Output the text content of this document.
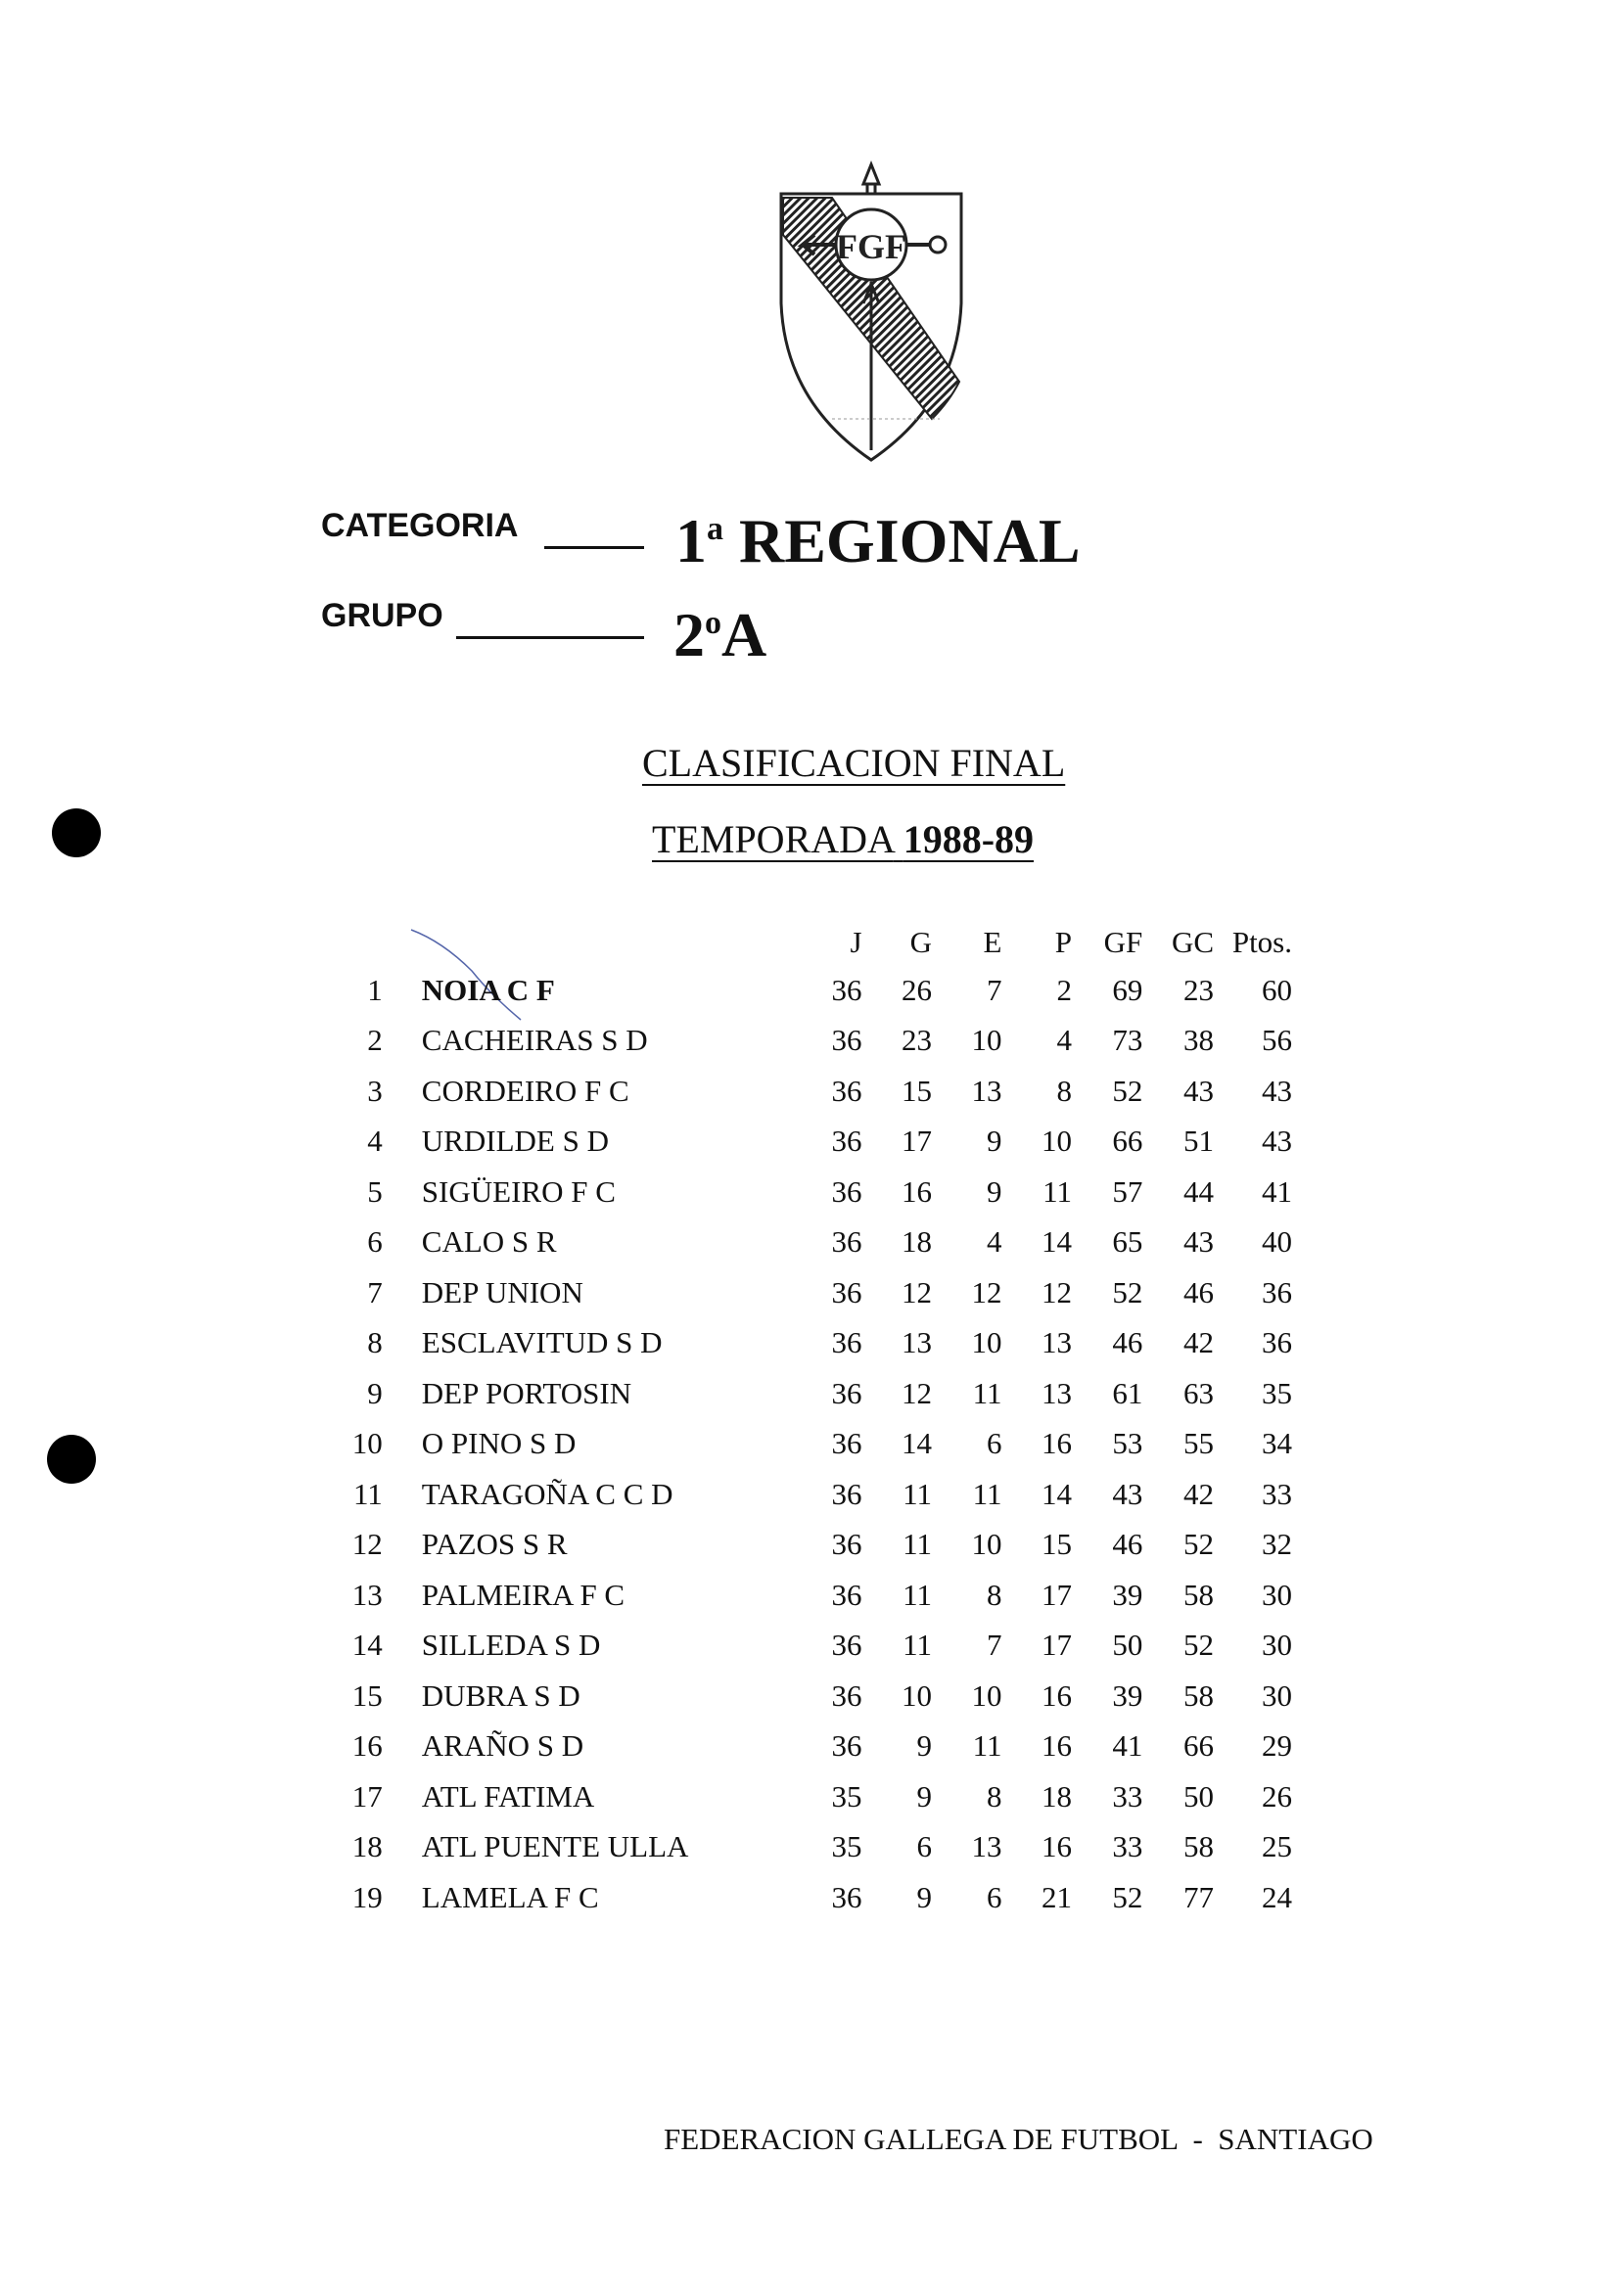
FGF
CATEGORIA	1$^a$ REGIONAL
GRUPO	2$^o$A
CLASIFICACION FINAL
TEMPORADA 1988-89
		J	G	E	P	GF	GC	Ptos.
1	NOIA C F	36	26	7	2	69	23	60
2	CACHEIRAS S D	36	23	10	4	73	38	56
3	CORDEIRO F C	36	15	13	8	52	43	43
4	URDILDE S D	36	17	9	10	66	51	43
5	SIGÜEIRO F C	36	16	9	11	57	44	41
6	CALO S R	36	18	4	14	65	43	40
7	DEP UNION	36	12	12	12	52	46	36
8	ESCLAVITUD S D	36	13	10	13	46	42	36
9	DEP PORTOSIN	36	12	11	13	61	63	35
10	O PINO S D	36	14	6	16	53	55	34
11	TARAGOÑA C C D	36	11	11	14	43	42	33
12	PAZOS S R	36	11	10	15	46	52	32
13	PALMEIRA F C	36	11	8	17	39	58	30
14	SILLEDA S D	36	11	7	17	50	52	30
15	DUBRA S D	36	10	10	16	39	58	30
16	ARAÑO S D	36	9	11	16	41	66	29
17	ATL FATIMA	35	9	8	18	33	50	26
18	ATL PUENTE ULLA	35	6	13	16	33	58	25
19	LAMELA F C	36	9	6	21	52	77	24
FEDERACION GALLEGA DE FUTBOL  -  SANTIAGO
